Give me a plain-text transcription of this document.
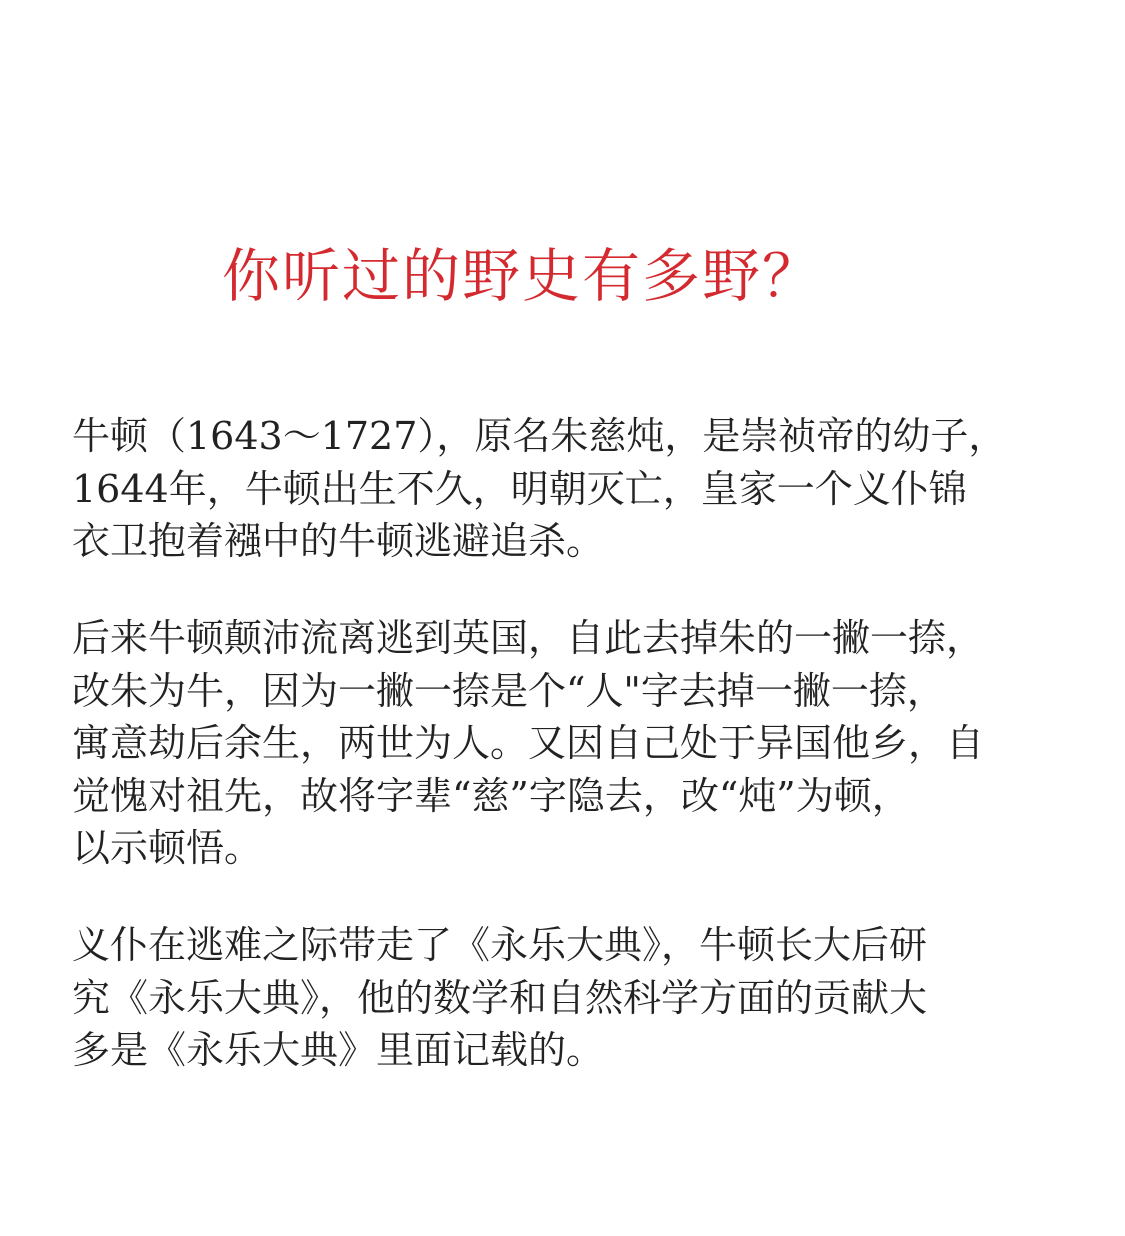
你听过的野史有多野？
牛顿（1643～1727），原名朱慈炖，是崇祯帝的幼子，
1644年，牛顿出生不久，明朝灭亡，皇家一个义仆锦
衣卫抱着襁中的牛顿逃避追杀。
后来牛顿颠沛流离逃到英国，自此去掉朱的一撇一捺，
改朱为牛，因为一撇一捺是个“人"字去掉一撇一捺，
寓意劫后余生，两世为人。又因自己处于异国他乡，自
觉愧对祖先，故将字辈“慈”字隐去，改“炖”为顿，
以示顿悟。
义仆在逃难之际带走了《永乐大典》，牛顿长大后研
究《永乐大典》，他的数学和自然科学方面的贡献大
多是《永乐大典》里面记载的。
